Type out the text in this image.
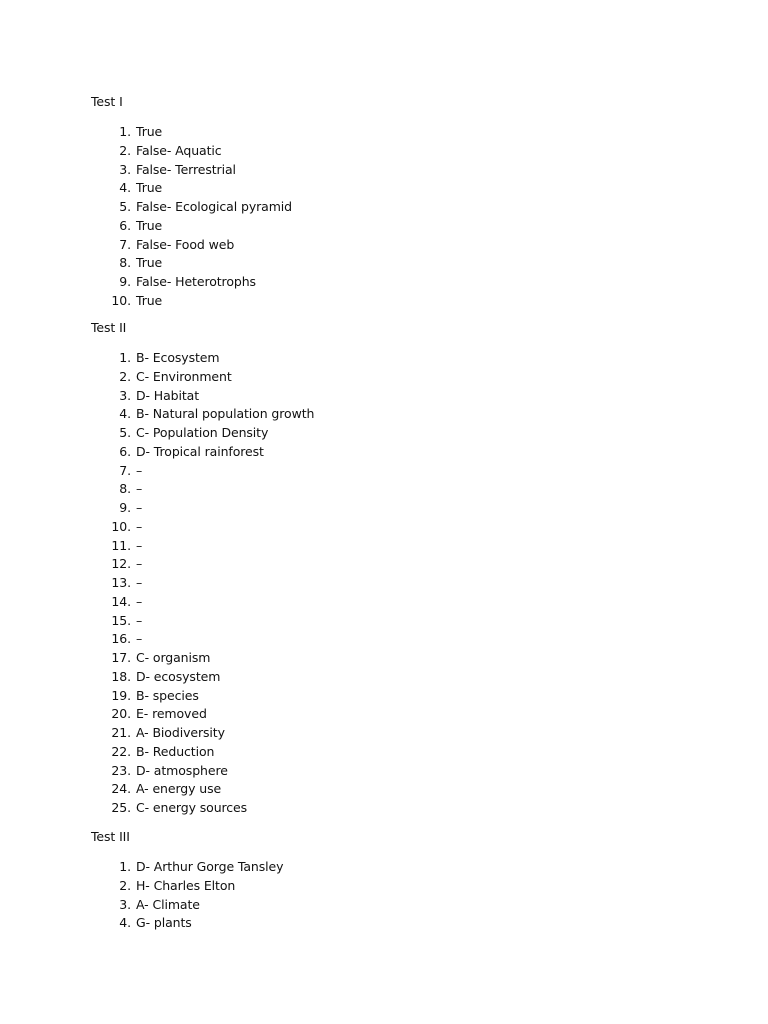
Test I

1. True
2. False- Aquatic
3. False- Terrestrial
4. True
5. False- Ecological pyramid
6. True
7. False- Food web
8. True
9. False- Heterotrophs
10. True

Test II

1. B- Ecosystem
2. C- Environment
3. D- Habitat
4. B- Natural population growth
5. C- Population Density
6. D- Tropical rainforest
7. –
8. –
9. –
10. –
11. –
12. –
13. –
14. –
15. –
16. –
17. C- organism
18. D- ecosystem
19. B- species
20. E- removed
21. A- Biodiversity
22. B- Reduction
23. D- atmosphere
24. A- energy use
25. C- energy sources

Test III

1. D- Arthur Gorge Tansley
2. H- Charles Elton
3. A- Climate
4. G- plants
